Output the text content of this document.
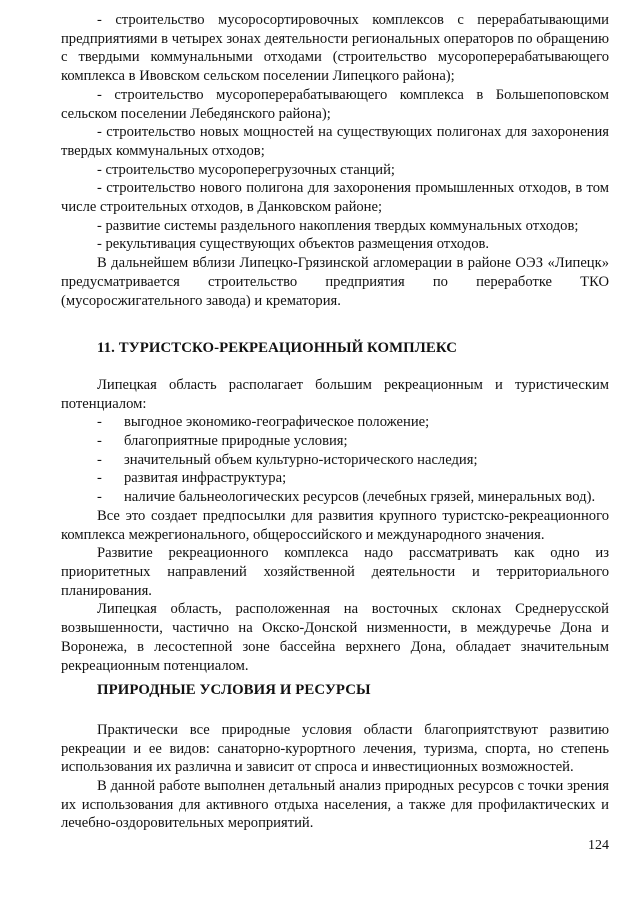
- строительство мусоросортировочных комплексов с перерабатывающими предприятиями в четырех зонах деятельности региональных операторов по обращению с твердыми коммунальными отходами (строительство мусороперерабатывающего комплекса в Ивовском сельском поселении Липецкого района);

- строительство мусороперерабатывающего комплекса в Большепоповском сельском поселении Лебедянского района);

- строительство новых мощностей на существующих полигонах для захоронения твердых коммунальных отходов;

- строительство мусороперегрузочных станций;

- строительство нового полигона для захоронения промышленных отходов, в том числе строительных отходов, в Данковском районе;

- развитие системы раздельного накопления твердых коммунальных отходов;

- рекультивация существующих объектов размещения отходов.

В дальнейшем вблизи Липецко-Грязинской агломерации в районе ОЭЗ «Липецк» предусматривается строительство предприятия по переработке ТКО (мусоросжигательного завода) и крематория.

11. ТУРИСТСКО-РЕКРЕАЦИОННЫЙ КОМПЛЕКС

Липецкая область располагает большим рекреационным и туристическим потенциалом:

- выгодное экономико-географическое положение;

- благоприятные природные условия;

- значительный объем культурно-исторического наследия;

- развитая инфраструктура;

- наличие бальнеологических ресурсов (лечебных грязей, минеральных вод).

Все это создает предпосылки для развития крупного туристско-рекреационного комплекса межрегионального, общероссийского и международного значения.

Развитие рекреационного комплекса надо рассматривать как одно из приоритетных направлений хозяйственной деятельности и территориального планирования.

Липецкая область, расположенная на восточных склонах Среднерусской возвышенности, частично на Окско-Донской низменности, в междуречье Дона и Воронежа, в лесостепной зоне бассейна верхнего Дона, обладает значительным рекреационным потенциалом.

ПРИРОДНЫЕ УСЛОВИЯ И РЕСУРСЫ

Практически все природные условия области благоприятствуют развитию рекреации и ее видов: санаторно-курортного лечения, туризма, спорта, но степень использования их различна и зависит от спроса и инвестиционных возможностей.

В данной работе выполнен детальный анализ природных ресурсов с точки зрения их использования для активного отдыха населения, а также для профилактических и лечебно-оздоровительных мероприятий.

124
